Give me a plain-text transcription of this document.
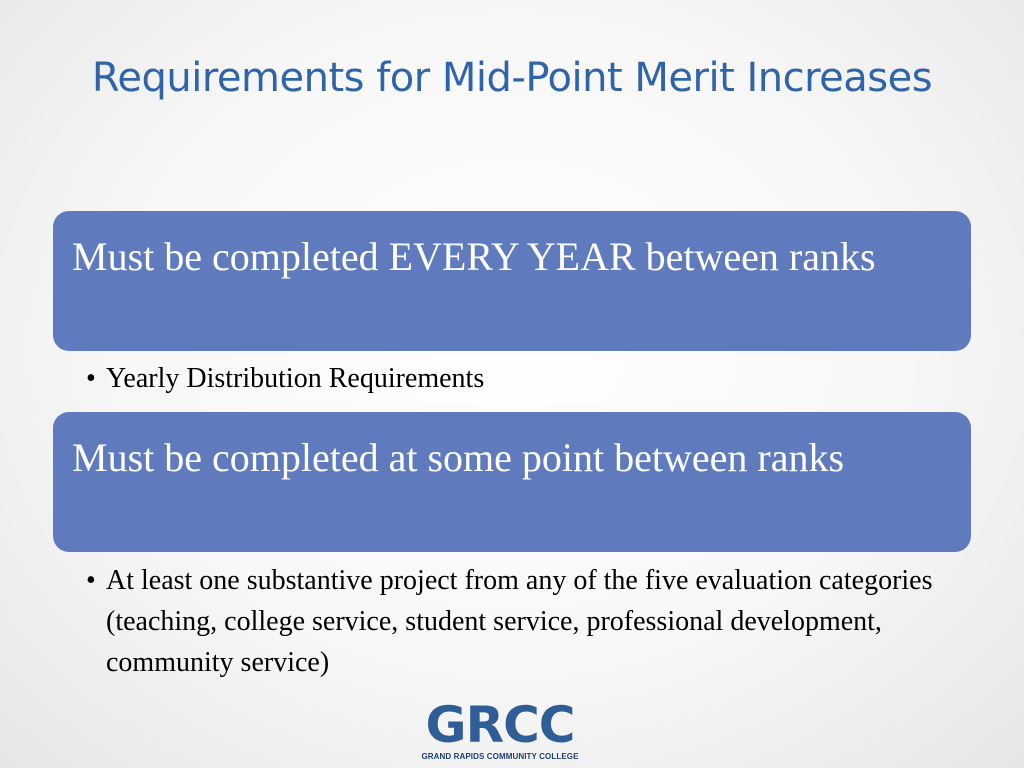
Requirements for Mid-Point Merit Increases
Must be completed EVERY YEAR between ranks
• Yearly Distribution Requirements
Must be completed at some point between ranks
• At least one substantive project from any of the five evaluation categories (teaching, college service, student service, professional development, community service)
GRCC
GRAND RAPIDS COMMUNITY COLLEGE
